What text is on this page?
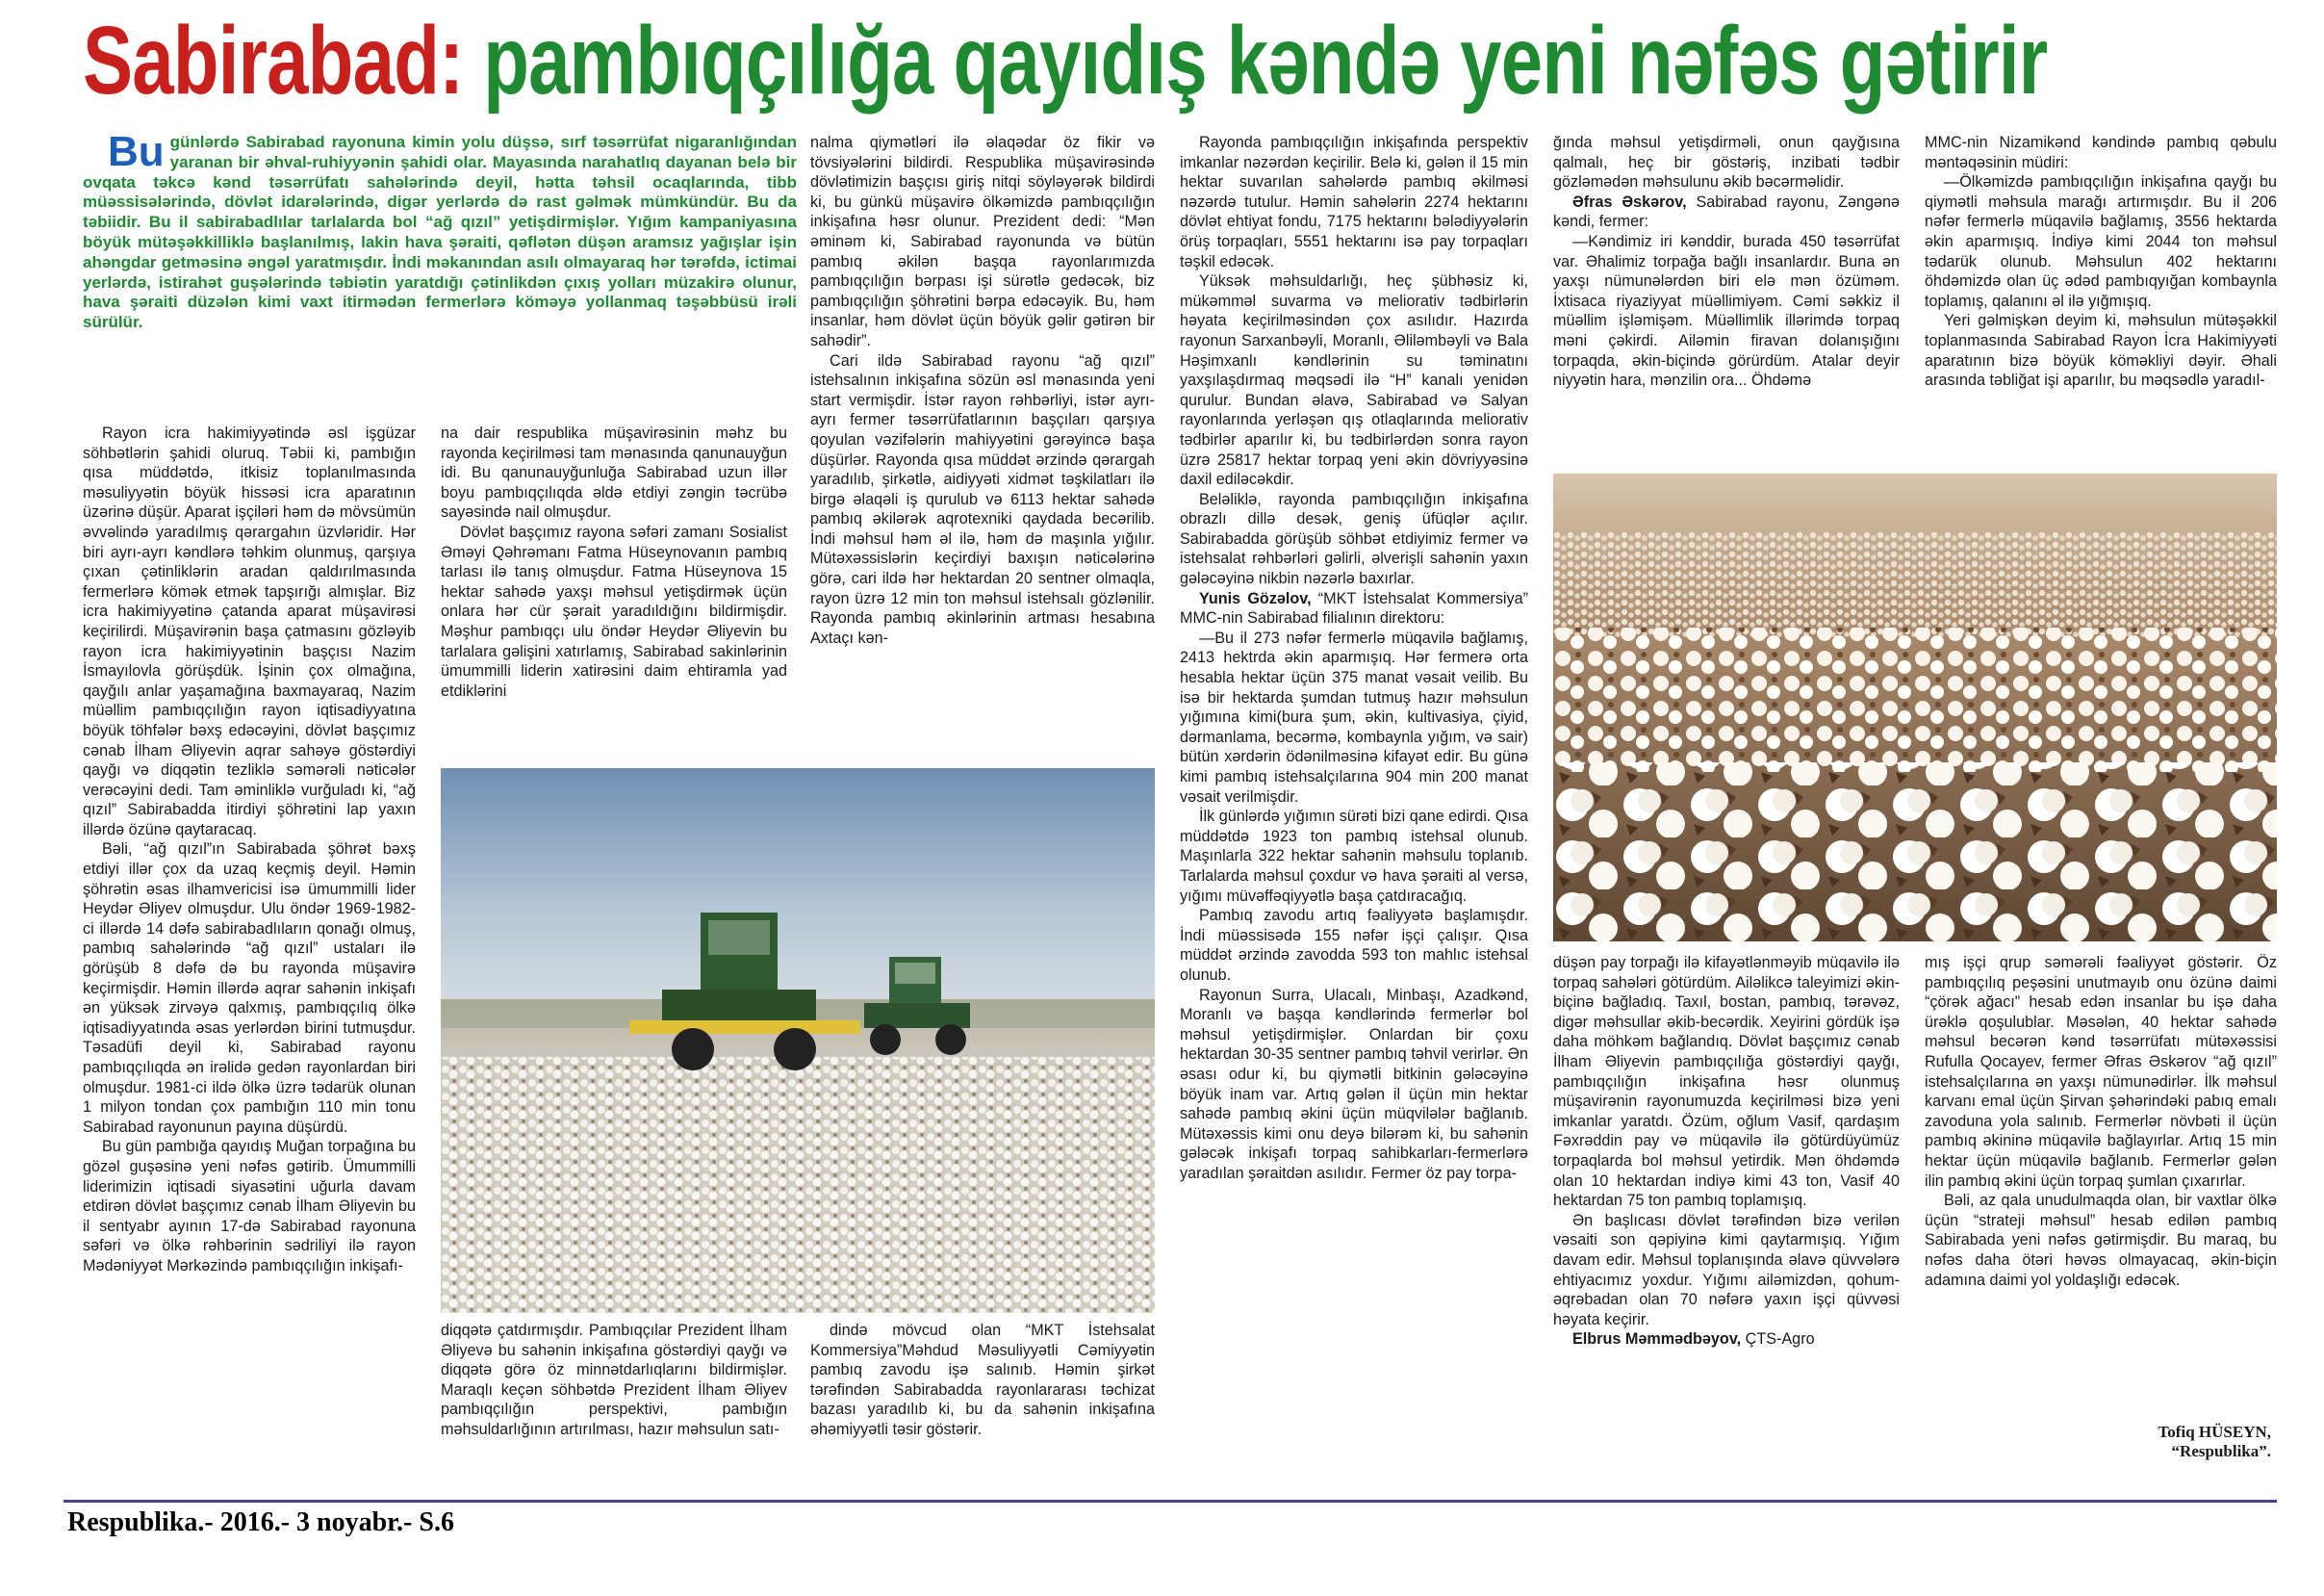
Sabirabad: pambıqçılığa qayıdış kəndə yeni nəfəs gətirir
Bu günlərdə Sabirabad rayonuna kimin yolu düşsə, sırf təsərrüfat nigaranlığından yaranan bir əhval-ruhiyyənin şahidi olar. Mayasında narahatlıq dayanan belə bir ovqata təkcə kənd təsərrüfatı sahələrində deyil, hətta təhsil ocaqlarında, tibb müəssisələrində, dövlət idarələrində, digər yerlərdə də rast gəlmək mümkündür. Bu da təbiidir. Bu il sabirabadlılar tarlalarda bol “ağ qızıl” yetişdirmişlər. Yığım kampaniyasına böyük mütəşəkkilliklə başlanılmış, lakin hava şəraiti, qəflətən düşən aramsız yağışlar işin ahəngdar getməsinə əngəl yaratmışdır. İndi məkanından asılı olmayaraq hər tərəfdə, ictimai yerlərdə, istirahət guşələrində təbiətin yaratdığı çətinlikdən çıxış yolları müzakirə olunur, hava şəraiti düzələn kimi vaxt itirmədən fermerlərə köməyə yollanmaq təşəbbüsü irəli sürülür.

Rayon icra hakimiyyətində əsl işgüzar söhbətlərin şahidi oluruq. Təbii ki, pambığın qısa müddətdə, itkisiz toplanılmasında məsuliyyətin böyük hissəsi icra aparatının üzərinə düşür. Aparat işçiləri həm də mövsümün əvvəlində yaradılmış qərargahın üzvləridir. Hər biri ayrı-ayrı kəndlərə təhkim olunmuş, qarşıya çıxan çətinliklərin aradan qaldırılmasında fermerlərə kömək etmək tapşırığı almışlar. Biz icra hakimiyyətinə çatanda aparat müşavirəsi keçirilirdi. Müşavirənin başa çatmasını gözləyib rayon icra hakimiyyətinin başçısı Nazim İsmayılovla görüşdük. İşinin çox olmağına, qayğılı anlar yaşamağına baxmayaraq, Nazim müəllim pambıqçılığın rayon iqtisadiyyatına böyük töhfələr bəxş edəcəyini, dövlət başçımız cənab İlham Əliyevin aqrar sahəyə göstərdiyi qayğı və diqqətin tezliklə səmərəli nəticələr verəcəyini dedi. Tam əminliklə vurğuladı ki, “ağ qızıl” Sabirabadda itirdiyi şöhrətini lap yaxın illərdə özünə qaytaracaq.

Bəli, “ağ qızıl”ın Sabirabada şöhrət bəxş etdiyi illər çox da uzaq keçmiş deyil. Həmin şöhrətin əsas ilhamvericisi isə ümummilli lider Heydər Əliyev olmuşdur. Ulu öndər 1969-1982-ci illərdə 14 dəfə sabirabadlıların qonağı olmuş, pambıq sahələrində “ağ qızıl” ustaları ilə görüşüb 8 dəfə də bu rayonda müşavirə keçirmişdir. Həmin illərdə aqrar sahənin inkişafı ən yüksək zirvəyə qalxmış, pambıqçılıq ölkə iqtisadiyyatında əsas yerlərdən birini tutmuşdur. Təsadüfi deyil ki, Sabirabad rayonu pambıqçılıqda ən irəlidə gedən rayonlardan biri olmuşdur. 1981-ci ildə ölkə üzrə tədarük olunan 1 milyon tondan çox pambığın 110 min tonu Sabirabad rayonunun payına düşürdü.

Bu gün pambığa qayıdış Muğan torpağına bu gözəl guşəsinə yeni nəfəs gətirib. Ümummilli liderimizin iqtisadi siyasətini uğurla davam etdirən dövlət başçımız cənab İlham Əliyevin bu il sentyabr ayının 17-də Sabirabad rayonuna səfəri və ölkə rəhbərinin sədriliyi ilə rayon Mədəniyyət Mərkəzində pambıqçılığın inkişafı-

na dair respublika müşavirəsinin məhz bu rayonda keçirilməsi tam mənasında qanunauyğun idi. Bu qanunauyğunluğa Sabirabad uzun illər boyu pambıqçılıqda əldə etdiyi zəngin təcrübə sayəsində nail olmuşdur.

Dövlət başçımız rayona səfəri zamanı Sosialist Əməyi Qəhrəmanı Fatma Hüseynovanın pambıq tarlası ilə tanış olmuşdur. Fatma Hüseynova 15 hektar sahədə yaxşı məhsul yetişdirmək üçün onlara hər cür şərait yaradıldığını bildirmişdir. Məşhur pambıqçı ulu öndər Heydər Əliyevin bu tarlalara gəlişini xatırlamış, Sabirabad sakinlərinin ümummilli liderin xatirəsini daim ehtiramla yad etdiklərini

nalma qiymətləri ilə əlaqədar öz fikir və tövsiyələrini bildirdi. Respublika müşavirəsində dövlətimizin başçısı giriş nitqi söyləyərək bildirdi ki, bu günkü müşavirə ölkəmizdə pambıqçılığın inkişafına həsr olunur. Prezident dedi: “Mən əminəm ki, Sabirabad rayonunda və bütün pambıq əkilən başqa rayonlarımızda pambıqçılığın bərpası işi sürətlə gedəcək, biz pambıqçılığın şöhrətini bərpa edəcəyik. Bu, həm insanlar, həm dövlət üçün böyük gəlir gətirən bir sahədir”.

Cari ildə Sabirabad rayonu “ağ qızıl” istehsalının inkişafına sözün əsl mənasında yeni start vermişdir. İstər rayon rəhbərliyi, istər ayrı-ayrı fermer təsərrüfatlarının başçıları qarşıya qoyulan vəzifələrin mahiyyətini gərəyincə başa düşürlər. Rayonda qısa müddət ərzində qərargah yaradılıb, şirkətlə, aidiyyəti xidmət təşkilatları ilə birgə əlaqəli iş qurulub və 6113 hektar sahədə pambıq əkilərək aqrotexniki qaydada becərilib. İndi məhsul həm əl ilə, həm də maşınla yığılır. Mütəxəssislərin keçirdiyi baxışın nəticələrinə görə, cari ildə hər hektardan 20 sentner olmaqla, rayon üzrə 12 min ton məhsul istehsalı gözlənilir. Rayonda pambıq əkinlərinin artması hesabına Axtaçı kən-

diqqətə çatdırmışdır. Pambıqçılar Prezident İlham Əliyevə bu sahənin inkişafına göstərdiyi qayğı və diqqətə görə öz minnətdarlıqlarını bildirmişlər. Maraqlı keçən söhbətdə Prezident İlham Əliyev pambıqçılığın perspektivi, pambığın məhsuldarlığının artırılması, hazır məhsulun satı-

dində mövcud olan “MKT İstehsalat Kommersiya”Məhdud Məsuliyyətli Cəmiyyətin pambıq zavodu işə salınıb. Həmin şirkət tərəfindən Sabirabadda rayonlararası təchizat bazası yaradılıb ki, bu da sahənin inkişafına əhəmiyyətli təsir göstərir.

Rayonda pambıqçılığın inkişafında perspektiv imkanlar nəzərdən keçirilir. Belə ki, gələn il 15 min hektar suvarılan sahələrdə pambıq əkilməsi nəzərdə tutulur. Həmin sahələrin 2274 hektarını dövlət ehtiyat fondu, 7175 hektarını bələdiyyələrin örüş torpaqları, 5551 hektarını isə pay torpaqları təşkil edəcək.

Yüksək məhsuldarlığı, heç şübhəsiz ki, mükəmməl suvarma və meliorativ tədbirlərin həyata keçirilməsindən çox asılıdır. Hazırda rayonun Sarxanbəyli, Moranlı, Əliləmbəyli və Bala Həşimxanlı kəndlərinin su təminatını yaxşılaşdırmaq məqsədi ilə “H” kanalı yenidən qurulur. Bundan əlavə, Sabirabad və Salyan rayonlarında yerləşən qış otlaqlarında meliorativ tədbirlər aparılır ki, bu tədbirlərdən sonra rayon üzrə 25817 hektar torpaq yeni əkin dövriyyəsinə daxil ediləcəkdir.

Beləliklə, rayonda pambıqçılığın inkişafına obrazlı dillə desək, geniş üfüqlər açılır. Sabirabadda görüşüb söhbət etdiyimiz fermer və istehsalat rəhbərləri gəlirli, əlverişli sahənin yaxın gələcəyinə nikbin nəzərlə baxırlar.

Yunis Gözəlov, “MKT İstehsalat Kommersiya” MMC-nin Sabirabad filialının direktoru:

—Bu il 273 nəfər fermerlə müqavilə bağlamış, 2413 hektrda əkin aparmışıq. Hər fermerə orta hesabla hektar üçün 375 manat vəsait veilib. Bu isə bir hektarda şumdan tutmuş hazır məhsulun yığımına kimi(bura şum, əkin, kultivasiya, çiyid, dərmanlama, becərmə, kombaynla yığım, və sair) bütün xərdərin ödənilməsinə kifayət edir. Bu günə kimi pambıq istehsalçılarına 904 min 200 manat vəsait verilmişdir.

İlk günlərdə yığımın sürəti bizi qane edirdi. Qısa müddətdə 1923 ton pambıq istehsal olunub. Maşınlarla 322 hektar sahənin məhsulu toplanıb. Tarlalarda məhsul çoxdur və hava şəraiti al versə, yığımı müvəffəqiyyətlə başa çatdıracağıq.

Pambıq zavodu artıq fəaliyyətə başlamışdır. İndi müəssisədə 155 nəfər işçi çalışır. Qısa müddət ərzində zavodda 593 ton mahlıc istehsal olunub.

Rayonun Surra, Ulacalı, Minbaşı, Azadkənd, Moranlı və başqa kəndlərində fermerlər bol məhsul yetişdirmişlər. Onlardan bir çoxu hektardan 30-35 sentner pambıq təhvil verirlər. Ən əsası odur ki, bu qiymətli bitkinin gələcəyinə böyük inam var. Artıq gələn il üçün min hektar sahədə pambıq əkini üçün müqvilələr bağlanıb. Mütəxəssis kimi onu deyə bilərəm ki, bu sahənin gələcək inkişafı torpaq sahibkarları-fermerlərə yaradılan şəraitdən asılıdır. Fermer öz pay torpa-

ğında məhsul yetişdirməli, onun qayğısına qalmalı, heç bir göstəriş, inzibati tədbir gözləmədən məhsulunu əkib bəcərməlidir.

Əfras Əskərov, Sabirabad rayonu, Zəngənə kəndi, fermer:

—Kəndimiz iri kənddir, burada 450 təsərrüfat var. Əhalimiz torpağa bağlı insanlardır. Buna ən yaxşı nümunələrdən biri elə mən özüməm. İxtisaca riyaziyyat müəllimiyəm. Cəmi səkkiz il müəllim işləmişəm. Müəllimlik illərimdə torpaq məni çəkirdi. Ailəmin firavan dolanışığını torpaqda, əkin-biçində görürdüm. Atalar deyir niyyətin hara, mənzilin ora... Öhdəmə

MMC-nin Nizamikənd kəndində pambıq qəbulu məntəqəsinin müdiri:

—Ölkəmizdə pambıqçılığın inkişafına qayğı bu qiymətli məhsula marağı artırmışdır. Bu il 206 nəfər fermerlə müqavilə bağlamış, 3556 hektarda əkin aparmışıq. İndiyə kimi 2044 ton məhsul tədarük olunub. Məhsulun 402 hektarını öhdəmizdə olan üç ədəd pambıqyığan kombaynla toplamış, qalanını əl ilə yığmışıq.

Yeri gəlmişkən deyim ki, məhsulun mütəşəkkil toplanmasında Sabirabad Rayon İcra Hakimiyyəti aparatının bizə böyük köməkliyi dəyir. Əhali arasında təbliğat işi aparılır, bu məqsədlə yaradıl-

düşən pay torpağı ilə kifayətlənməyib müqavilə ilə torpaq sahələri götürdüm. Ailəlikcə taleyimizi əkin-biçinə bağladıq. Taxıl, bostan, pambıq, tərəvəz, digər məhsullar əkib-becərdik. Xeyirini gördük işə daha möhkəm bağlandıq. Dövlət başçımız cənab İlham Əliyevin pambıqçılığa göstərdiyi qayğı, pambıqçılığın inkişafına həsr olunmuş müşavirənin rayonumuzda keçirilməsi bizə yeni imkanlar yaratdı. Özüm, oğlum Vasif, qardaşım Fəxrəddin pay və müqavilə ilə götürdüyümüz torpaqlarda bol məhsul yetirdik. Mən öhdəmdə olan 10 hektardan indiyə kimi 43 ton, Vasif 40 hektardan 75 ton pambıq toplamışıq.

Ən başlıcası dövlət tərəfindən bizə verilən vəsaiti son qəpiyinə kimi qaytarmışıq. Yığım davam edir. Məhsul toplanışında əlavə qüvvələrə ehtiyacımız yoxdur. Yığımı ailəmizdən, qohum-əqrəbadan olan 70 nəfərə yaxın işçi qüvvəsi həyata keçirir.

Elbrus Məmmədbəyov, ÇTS-Agro

mış işçi qrup səmərəli fəaliyyət göstərir. Öz pambıqçılıq peşəsini unutmayıb onu özünə daimi “çörək ağacı” hesab edən insanlar bu işə daha ürəklə qoşulublar. Məsələn, 40 hektar sahədə məhsul becərən kənd təsərrüfatı mütəxəssisi Rufulla Qocayev, fermer Əfras Əskərov “ağ qızıl” istehsalçılarına ən yaxşı nümunədirlər. İlk məhsul karvanı emal üçün Şirvan şəhərindəki pabıq emalı zavoduna yola salınıb. Fermerlər növbəti il üçün pambıq əkininə müqavilə bağlayırlar. Artıq 15 min hektar üçün müqavilə bağlanıb. Fermerlər gələn ilin pambıq əkini üçün torpaq şumlan çıxarırlar.

Bəli, az qala unudulmaqda olan, bir vaxtlar ölkə üçün “strateji məhsul” hesab edilən pambıq Sabirabada yeni nəfəs gətirmişdir. Bu maraq, bu nəfəs daha ötəri həvəs olmayacaq, əkin-biçin adamına daimi yol yoldaşlığı edəcək.

Tofiq HÜSEYN,
“Respublika”.
Respublika.- 2016.- 3 noyabr.- S.6
